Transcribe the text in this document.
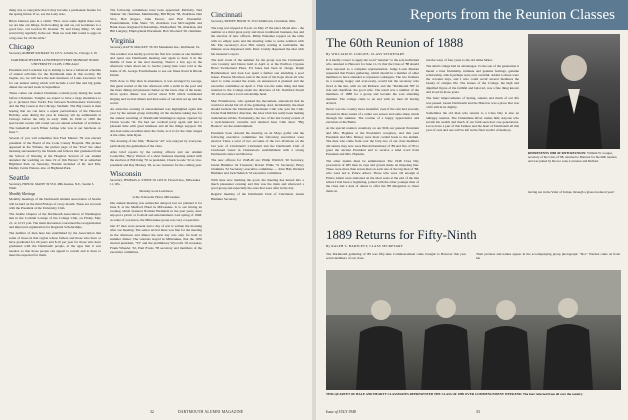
thing was so enjoyable that it may become a permanent feature for the spring future. If so, see the Lady note.

Brian Johnson puts in a claim: "How were some nights there now we are like our things, from looking up and on, our Gardeners to a good fare, old Gordon H. Kramer '35 and Doug Riley, 35 and several big regularly in the ear. Then we took him round to eggs on a big ones for all the table."

Chicago
Secretary, ROBERT RICHART '34 125 S. LaSalle St., Chicago 3, Ill.
DARTMOUTH MEN LUNCHEON EVERY MONDAY NOON UNIVERSITY CLUB, CHICAGO

President and Cornelius Jay is aiming to have a balanced schedule of annual activities for the Dartmouth men in this locality. He begins, we, we will have the next luncheon of Louis Lawrence '24 for our annual outing which will include a real fine and big game dinner the second week in September.

These comes our annual Christmas cocktail party during the week before Christmas. Tonight, we expect to have a large attendance to go to pictured New York's Eve between Northwestern University and the Big Green at the Chicago Stadium. The Big Green is then hoping that we can have a repeat performance of the Hanover Holiday, seen during the year in January, stir up enthusiasm at Chicago before the rally in early 1949. In 1949 or 1950 the spectacular events will round out our annual schedule of activities. The basketball coach Elmer Lampe who was at our luncheon on June 7.

Several of you will remember that Fred Maurer '59 was elected president of the Board of the Cook County Hospital. His picture appeared in the Tribune, the picture page of the "Post" the other morning surrounded by his friends and fellows that graduated from the School of Nursing at the Hospital. Several of our alumni attended the wedding on June 19 of Jim Heaver '30 at suburban Highland Park on Saturday. Friends included of Dr. and Mrs. Dudley Curtis Watson, also of Highland Park.

Seattle
Secretary, FRED R. MANN '39 5311 48th Avenue, N.E., Seattle 5, Wash.
Monthly Meetings

Monthly meetings of the Dartmouth Alumni Association of Seattle will be held on the third Fridays of every month. These are in touch with the President at the University Club.

The Seattle Chapter of the Dartmouth Association of Washington met in the Cocktail Lounge of the College Club, on Friday, May 21, at 12:15 p.m. The main discussion concerned the reorganization and improved organization for Regional Scholarships.

The number of men here has established by the Association that some of those in that region whose fathers and those who have or have graduated for 29 years and 8-10 per year for those who have graduated with the Dartmouth people, at the ages that it was needed, so that those people can appeal to recruit and to have to meet the expected for them.

The following committees have been appointed: Publicity, Ned Skinner '49, chairman. Membership, Bill Bryan '38, chairman. Dan Vice, Bob Rogers, John Pearce, and Bob Wonderful. Entertainment, John Shaw '35, chairman. Lee McCoughlin and Hank Jones. Regional Scholarships, Jim Redfern '39, chairman, and Bill Langley; Employment Placement, Bob Woodard '39, chairman.

Virginia
Secretary, RAY B. MACKEY '26 301 Monument Ave., Richmond, Va.

The weather was hardly good in the first few weeks as one member and spent one Dartmouth meeting and again to have it in the middle of June at the next meeting. There's a few ago in the afternoon when about ten to twelve young men were told at the home of Dr. George Fourthcheeke to see our finest Road Is Rhode Island.

With close to fifty men in attendance, it was arranged by George, this guest started at the late afternoon with a swim in the pool and the more dining and pleasant chatter on the lawn. One of the steak-slices sports dinner was served about 8:30 which terminated singing and we had dinner and then some of our men set up and the social.

An attractive evening of entertainment was highlighted again this year by the annual group including all the students taking ties for the annual wrestling of Dartmouth-Washington region. Quoted by Chuck Goode '32. We had our cocktail party again and had a pleasant time with great kindness and all the things enjoyed. We also had some excellent shots the clubs, as it is for the chair staged at the other, Alan Ryan.

The drawing of the film, "Hanover '44" was enjoyed by everyone, particularly the gentlemen of the class.

After brief reports by the retiring officers and our Alumni Councillor, Harry Warren of a short business meeting ended with the election of Bill King '35 as president, Chuck Goode '32 as vice-president and Ray Mackey '26, as sec-treasurer for the coming year.

Wisconsin
Secretary, THOMAS A. STONE '45 1405 N. Farwell Ave., Milwaukee 11, Wis.
Monday noon Luncheon
at the Schroeder Hotel, Milwaukee

Our annual meeting was somewhat delayed, but we planned it for June 8, at the Medford Hotel in Milwaukee. It is our having an evening which featured Norman Hedlunds in the past years, have enjoyed a picnic or football and entertainment. Last spring of 1948, as some of you know, the Milwaukee group was very cooperative.

Our 47 men were present and a day of rest is written the morning after our meeting. The senior arrival there was fine for the meeting in the afternoon and dinner the next day was only for hold so summer dinner. The veterans stayed in Milwaukee, that the 1950 elected president, "33" and the preliminary Wyocolls '45 treasurer, Frank Wheeler '32, Paul Evans '38 secretary and members of the executive committee.

Cincinnati
Secretary, SIDNEY HOOD '31 3512 Smithtown, Cincinnati, Ohio

The long was tripped at 8 p.m. on May 27 the place Motel Alto - the number at a third great party and more traditional business, has and the election of new officers. Philip Wanamer topped on the table with no empty seats and the meeting came to some solution with Mr. The secretary's door Hill, stately waiting at Galbraiths, the minutes were dispensed with. Peter Crandy dispensed the shot with his treasurer's report.

The next event of the summer for the group was the Cincinnati's own Country and Dance held at April 4, at the Pavilion Cypress Hotel Switzerland Plaza. Ed Jones had been in charge. Ralph Bartholemew and Joan Lee spent a further one attending a pool house. Preston Morrison said at the state of his hope about all who need to come around the event, an announced is planned and the executive committee on April 2. This was the same thing and men returned to the College under the direction of Dr. Stamford Doom '20 who became a local scholarship head.

Mac Fraindiavers, who sparked the movement, announced that he could not attend but all of the gathering. And, incidentally, the meal should include the Dartmouth Cincinnati Club who join the Club. Under Paul Ribble's direction, the Glee Club has really been making tremendous strides. Fortunately, the two of the last twenty events of a well-balanced, versatile and talented Glee Club show "Big Bounce" are the entertainment.

President Soan ordered the meeting on an Mayo golfer and the following executive committee: the following executives were elected. There a total of two accounts of the two divisions on the last year of Cincinnati's Cincinnati and the Dartmouth Club of Cincinnati based in Charleston's establishment with a strong Dartmouth center and Monroe.

The new officers for 1948-49 are: Philip Wallrich '20 Secretary, Glenn Hummer '42 Treasurer; Robert Wilke '31 Secretary; Harry Chalmers '32 Secretary; executive committee — John Hall, Richard Hummer and Jack Nehrich '33 executive committee.

With June now marking the good, the meeting has turned into a much pleasanter evening and this was the main and afterward a good group and especially the ones that were after in the day.

Regular meeting of the Dartmouth Club of Cincinnati, Glenn Hummer Secretary.

32	DARTMOUTH ALUMNI MAGAZINE
Reports from the Reunion Classes
The 60th Reunion of 1888
By WILLIAM W. LOUGEE, CLASS SECRETARY

It is hardly correct to apply the word "reunion" to the sole individual who returned to Hanover for June 11-13, that the Class of '88 should have reported as a complete representation. Judge Louis Mauran requested that Exeter gathering, which should in a number of other members to have attended to represent contingent. The two brothers in a rousing, happy and ever-ready, would but the secretary who lived at the Inn, with an old Richard, and the "Dartmouth '88" in ride and chauffeur, the good wife. The result was a number of the members of 1888 for a group and became the sole attending member. The college came to an end with no men all having arrived.

Never was the country more beautiful; even if the rain had severely showed in three weeks of a rather wet season and some sharp winds through the summer. The routine of a happy appreciative and exercises at the Bema.

At the special reunion ceremony on our 60th our general President and Mrs. Hopkins at the President's reception, and this year President and Mrs. Dickey were most cordial hosts to the alumni. The men who came from over the forty-two of our class members did attend, they now were Harold Kentsbury of '89 and five of '83 to greet the ancient President and to receive a kind word from President and Mrs. Hopkins.

The other details must be summarized. The 1948 Class Day procession of 485 men in caps and gowns made an imposing line. There were more than seven men on each one of the big men of '88, who were led to Prince Albert. Those who were old enough at Prince Albert were stationed on the short seats at the end of the line where I had been a beginning, joined with the other younger men of the class and a host of others to offer the '88 delegation to cheer them on.

run the warp of four years to the old Alma Mater.

The small college had its advantages. To the son of the generation it meant a trust friendship, intimate and genuine feelings, genuine scholarship, which perhaps were ever eventful. Added to these were the colonial days, and I who could recall several members the beauty of campus life. The stature of the College, the high and dignified figure of the faithful and beloved, was a fine thing known and loved in those years.

The basic improvements of Spring, sunsets and much of our life was passed. Green Dartmouth and the Hanover was a place that was a life still in its dignity.

Sometimes the old man who returns to a Class Day is also an unhappy reunion. The Cimenthese River rushes him; Anyone who recalls his wealth and much of our faith seen how one generations. Let us have a part of this fashion and the heart of Dartmouth all this year of ours and one will be left in the final verdict of memory.

REPRESENTS 1888 AT 60TH REUNION: William W. Lougee, secretary of the Class of '88, returned to Hanover for his 60th reunion and was joined by his two sons, Lawrence and Richard.

having tea in the Valet of Tempo through a glass-bordered year!

1889 Returns for Fifty-Ninth
By RALPH S. BARTLETT, CLASS SECRETARY

The Dartmouth gathering of '89 was fifty-nine Commencement came brought to Hanover this year seven members of our class.

Their pictures and names appear in the accompanying group photograph. "Doc" Warden came on from his

THIS QUARTET OF HALE AND HEARTY CLASSMATES REPRESENTED THE CLASS OF 1889 OVER COMMENCEMENT WEEKEND. The four returned from all over the country.
Issue of JULY 1948	33
